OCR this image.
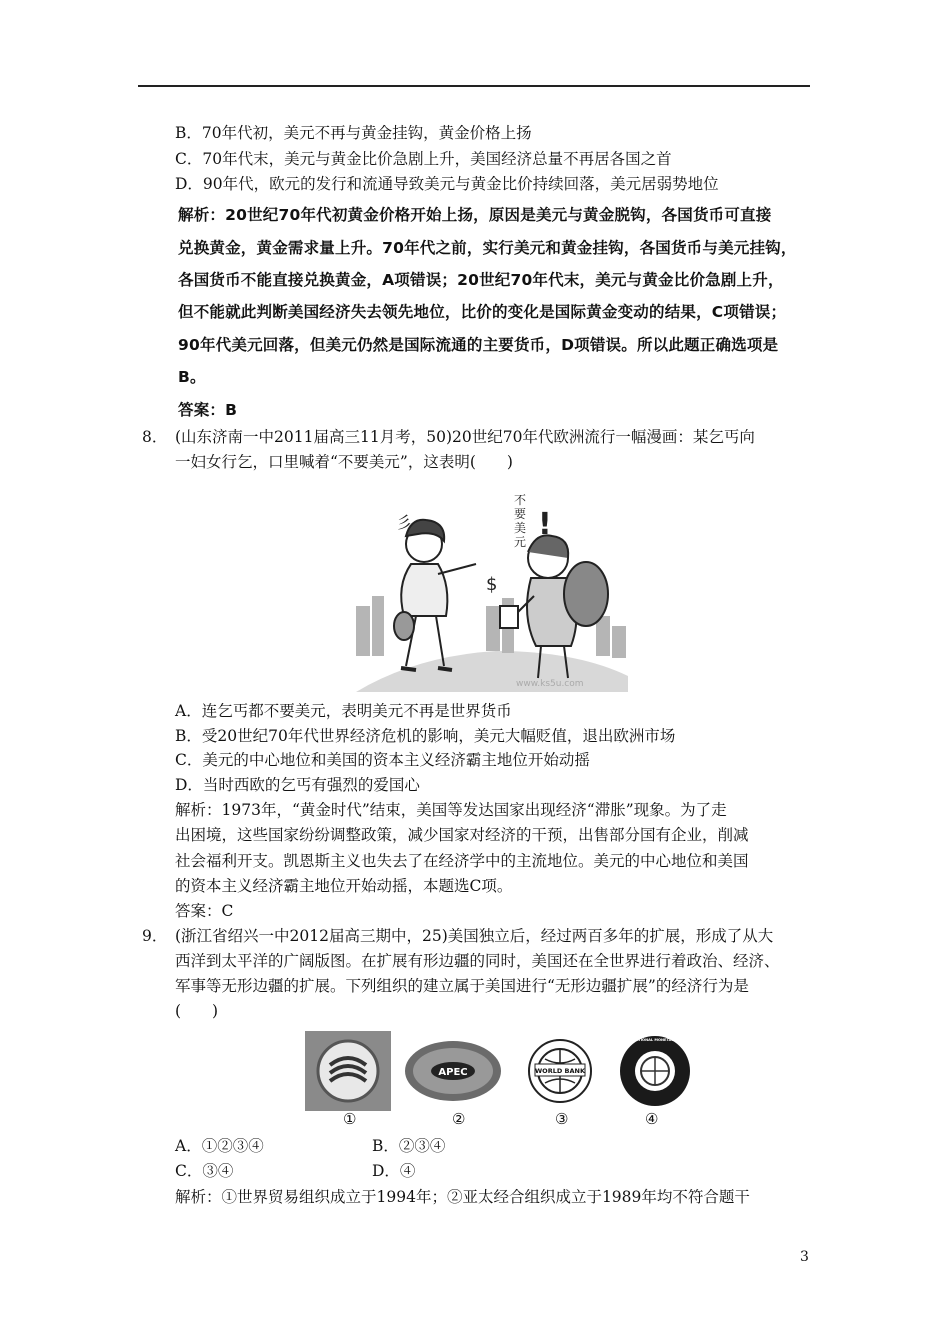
B．70年代初，美元不再与黄金挂钩，黄金价格上扬
C．70年代末，美元与黄金比价急剧上升，美国经济总量不再居各国之首
D．90年代，欧元的发行和流通导致美元与黄金比价持续回落，美元居弱势地位
解析：20世纪70年代初黄金价格开始上扬，原因是美元与黄金脱钩，各国货币可直接
兑换黄金，黄金需求量上升。70年代之前，实行美元和黄金挂钩，各国货币与美元挂钩，
各国货币不能直接兑换黄金，A项错误；20世纪70年代末，美元与黄金比价急剧上升，
但不能就此判断美国经济失去领先地位，比价的变化是国际黄金变动的结果，C项错误；
90年代美元回落，但美元仍然是国际流通的主要货币，D项错误。所以此题正确选项是
B。
答案：B
8． (山东济南一中2011届高三11月考，50)20世纪70年代欧洲流行一幅漫画：某乞丐向
一妇女行乞，口里喊着“不要美元”，这表明(　　)
彡
不
要
美
元 !
$
www.ks5u.com
A．连乞丐都不要美元，表明美元不再是世界货币
B．受20世纪70年代世界经济危机的影响，美元大幅贬值，退出欧洲市场
C．美元的中心地位和美国的资本主义经济霸主地位开始动摇
D．当时西欧的乞丐有强烈的爱国心
解析：1973年，“黄金时代”结束，美国等发达国家出现经济“滞胀”现象。为了走
出困境，这些国家纷纷调整政策，减少国家对经济的干预，出售部分国有企业，削减
社会福利开支。凯恩斯主义也失去了在经济学中的主流地位。美元的中心地位和美国
的资本主义经济霸主地位开始动摇，本题选C项。
答案：C
9． (浙江省绍兴一中2012届高三期中，25)美国独立后，经过两百多年的扩展，形成了从大
西洋到太平洋的广阔版图。在扩展有形边疆的同时，美国还在全世界进行着政治、经济、
军事等无形边疆的扩展。下列组织的建立属于美国进行“无形边疆扩展”的经济行为是
(　　)
APEC	WORLD BANK
INTERNATIONAL MONETARY FUND
①	②	③	④
A．①②③④	B．②③④
C．③④	D．④
解析：①世界贸易组织成立于1994年；②亚太经合组织成立于1989年均不符合题干
3
